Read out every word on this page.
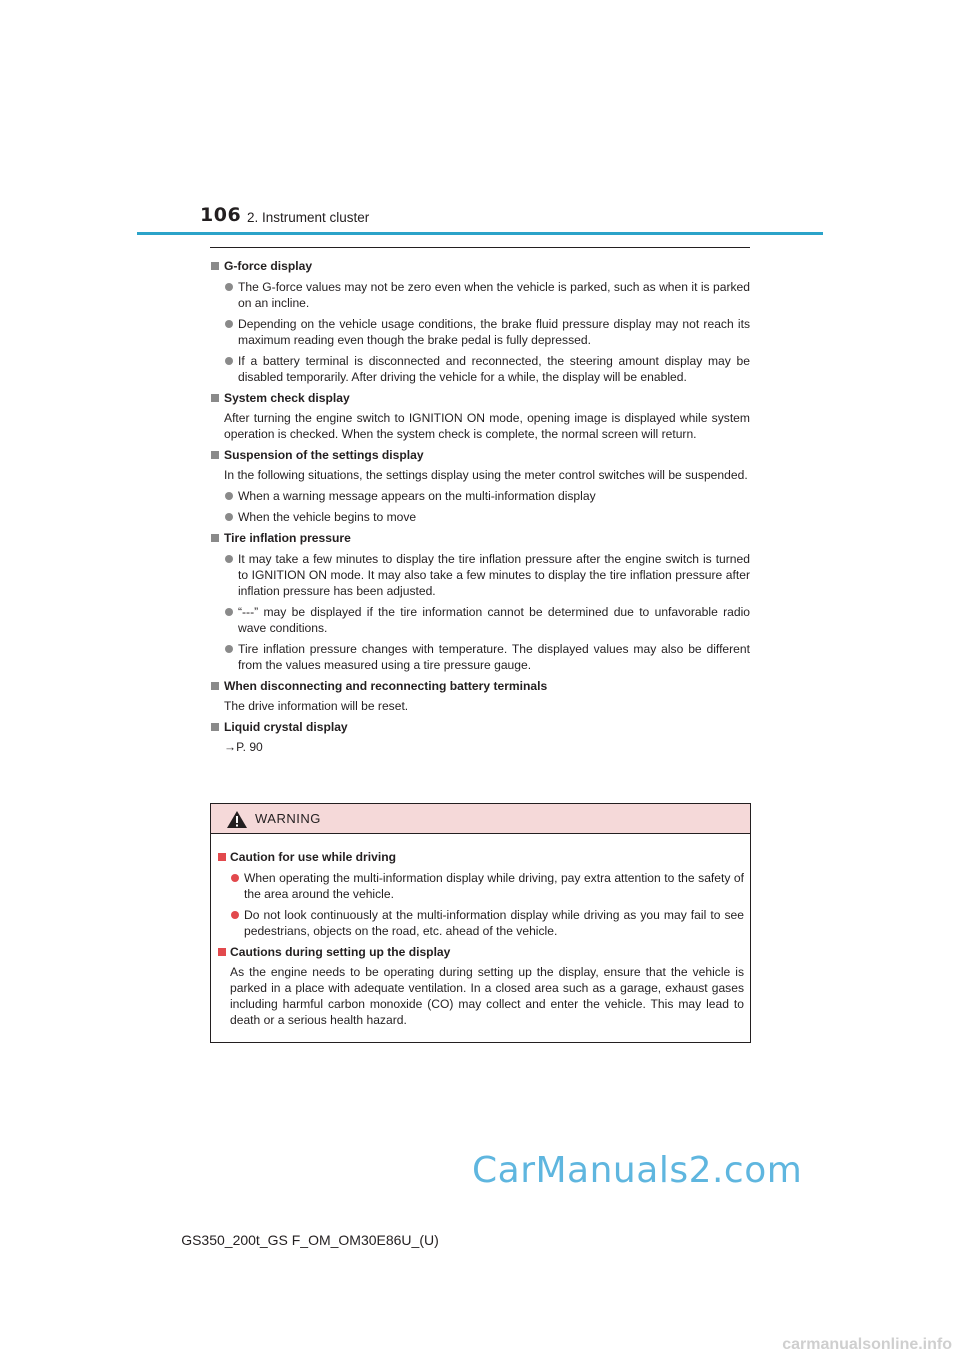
106 2. Instrument cluster
G-force display
The G-force values may not be zero even when the vehicle is parked, such as when it is parked on an incline.
Depending on the vehicle usage conditions, the brake fluid pressure display may not reach its maximum reading even though the brake pedal is fully depressed.
If a battery terminal is disconnected and reconnected, the steering amount display may be disabled temporarily. After driving the vehicle for a while, the display will be enabled.
System check display
After turning the engine switch to IGNITION ON mode, opening image is displayed while system operation is checked. When the system check is complete, the normal screen will return.
Suspension of the settings display
In the following situations, the settings display using the meter control switches will be suspended.
When a warning message appears on the multi-information display
When the vehicle begins to move
Tire inflation pressure
It may take a few minutes to display the tire inflation pressure after the engine switch is turned to IGNITION ON mode. It may also take a few minutes to display the tire inflation pressure after inflation pressure has been adjusted.
“---” may be displayed if the tire information cannot be determined due to unfavorable radio wave conditions.
Tire inflation pressure changes with temperature. The displayed values may also be different from the values measured using a tire pressure gauge.
When disconnecting and reconnecting battery terminals
The drive information will be reset.
Liquid crystal display
→P. 90
WARNING
Caution for use while driving
When operating the multi-information display while driving, pay extra attention to the safety of the area around the vehicle.
Do not look continuously at the multi-information display while driving as you may fail to see pedestrians, objects on the road, etc. ahead of the vehicle.
Cautions during setting up the display
As the engine needs to be operating during setting up the display, ensure that the vehicle is parked in a place with adequate ventilation. In a closed area such as a garage, exhaust gases including harmful carbon monoxide (CO) may collect and enter the vehicle. This may lead to death or a serious health hazard.
CarManuals2.com
GS350_200t_GS F_OM_OM30E86U_(U)
carmanualsonline.info
